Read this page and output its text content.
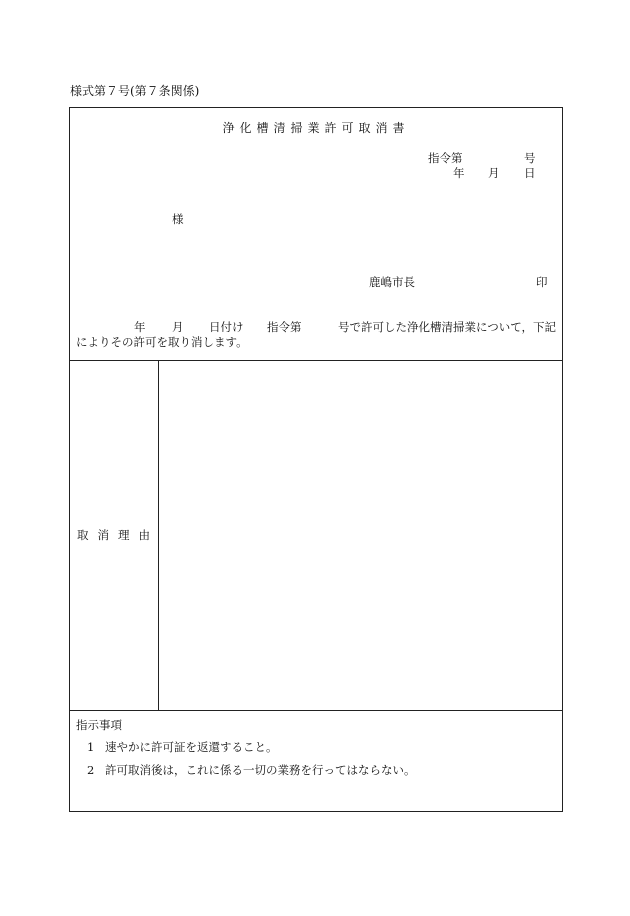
様式第７号(第７条関係)
浄化槽清掃業許可取消書
指令第	号
年 月 日
様
鹿嶋市長	印
年 月 日付け 指令第	号で許可した浄化槽清掃業について，下記
によりその許可を取り消します。
取消理由
指示事項
1 速やかに許可証を返還すること。
2 許可取消後は，これに係る一切の業務を行ってはならない。
